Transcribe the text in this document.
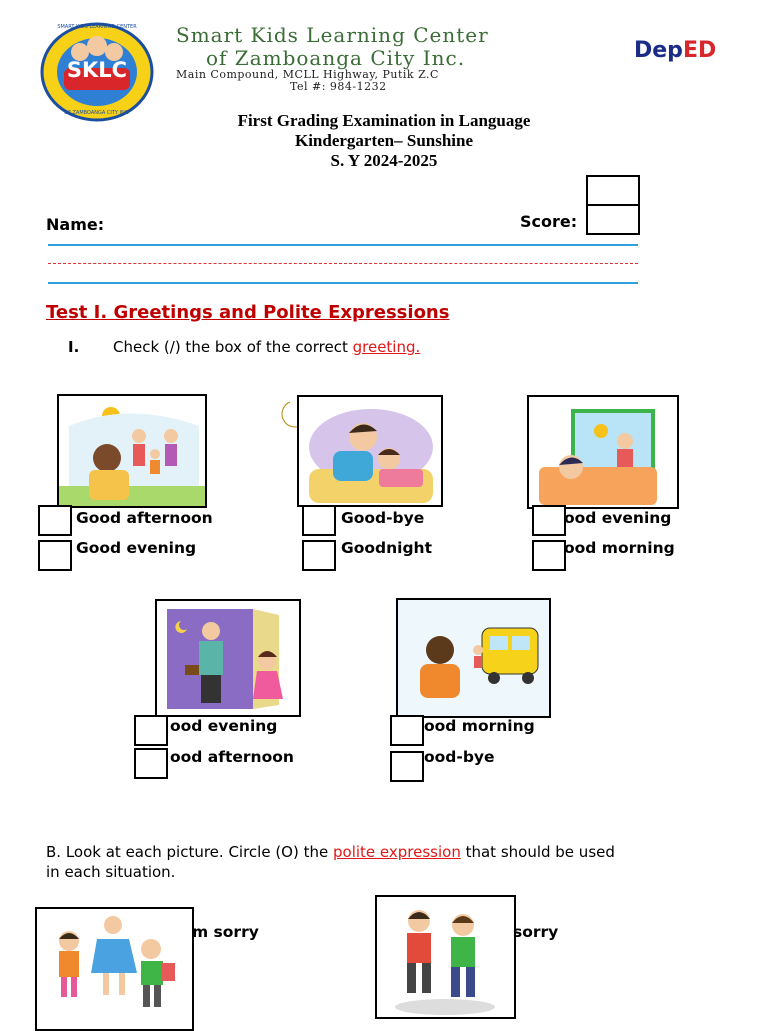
SKLC
SMART KIDS LEARNING CENTER
OF ZAMBOANGA CITY INC.
Smart Kids Learning Center
of Zamboanga City Inc.
Main Compound, MCLL Highway, Putik Z.C
Tel #: 984-1232
DepED
First Grading Examination in Language
Kindergarten– Sunshine
S. Y 2024-2025
Name:	Score:
Test I. Greetings and Polite Expressions
I. Check (/) the box of the correct greeting.
Good afternoon
Good evening
Good-bye
Goodnight
ood evening
ood morning
ood evening
ood afternoon
ood morning
ood-bye
B. Look at each picture. Circle (O) the polite expression that should be used
in each situation.
m sorry	sorry
